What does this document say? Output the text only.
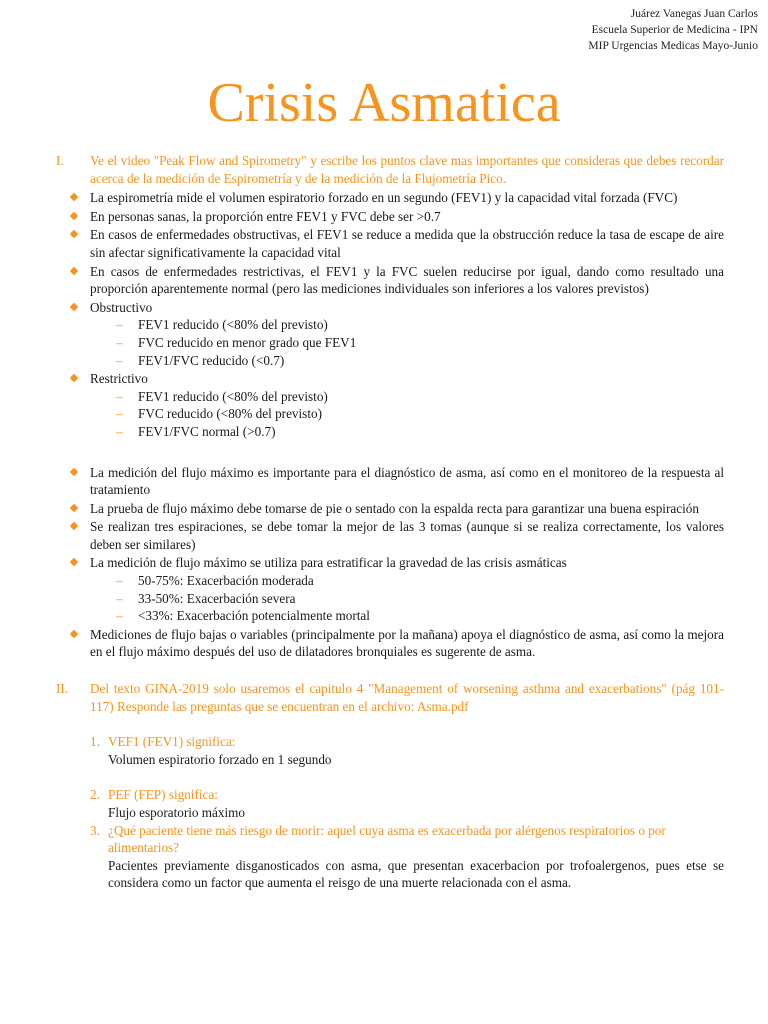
Juárez Vanegas Juan Carlos
Escuela Superior de Medicina - IPN
MIP Urgencias Medicas Mayo-Junio
Crisis Asmatica
I.	Ve el video "Peak Flow and Spirometry" y escribe los puntos clave mas importantes que consideras que debes recordar acerca de la medición de Espirometría y de la medición de la Flujometría Pico.
La espirometría mide el volumen espiratorio forzado en un segundo (FEV1) y la capacidad vital forzada (FVC)
En personas sanas, la proporción entre FEV1 y FVC debe ser >0.7
En casos de enfermedades obstructivas, el FEV1 se reduce a medida que la obstrucción reduce la tasa de escape de aire sin afectar significativamente la capacidad vital
En casos de enfermedades restrictivas, el FEV1 y la FVC suelen reducirse por igual, dando como resultado una proporción aparentemente normal (pero las mediciones individuales son inferiores a los valores previstos)
Obstructivo
– FEV1 reducido (<80% del previsto)
– FVC reducido en menor grado que FEV1
– FEV1/FVC reducido (<0.7)
Restrictivo
– FEV1 reducido (<80% del previsto)
– FVC reducido (<80% del previsto)
– FEV1/FVC normal (>0.7)
La medición del flujo máximo es importante para el diagnóstico de asma, así como en el monitoreo de la respuesta al tratamiento
La prueba de flujo máximo debe tomarse de pie o sentado con la espalda recta para garantizar una buena espiración
Se realizan tres espiraciones, se debe tomar la mejor de las 3 tomas (aunque si se realiza correctamente, los valores deben ser similares)
La medición de flujo máximo se utiliza para estratificar la gravedad de las crisis asmáticas
– 50-75%: Exacerbación moderada
– 33-50%: Exacerbación severa
– <33%: Exacerbación potencialmente mortal
Mediciones de flujo bajas o variables (principalmente por la mañana) apoya el diagnóstico de asma, así como la mejora en el flujo máximo después del uso de dilatadores bronquiales es sugerente de asma.
II.	Del texto GINA-2019 solo usaremos el capitulo 4 "Management of worsening asthma and exacerbations" (pág 101-117) Responde las preguntas que se encuentran en el archivo: Asma.pdf
1. VEF1 (FEV1) significa:
Volumen espiratorio forzado en 1 segundo
2. PEF (FEP) significa:
Flujo esporatorio máximo
3. ¿Qué paciente tiene más riesgo de morir: aquel cuya asma es exacerbada por alérgenos respiratorios o por alimentarios?
Pacientes previamente disganosticados con asma, que presentan exacerbacion por trofoalergenos, pues etse se considera como un factor que aumenta el reisgo de una muerte relacionada con el asma.
